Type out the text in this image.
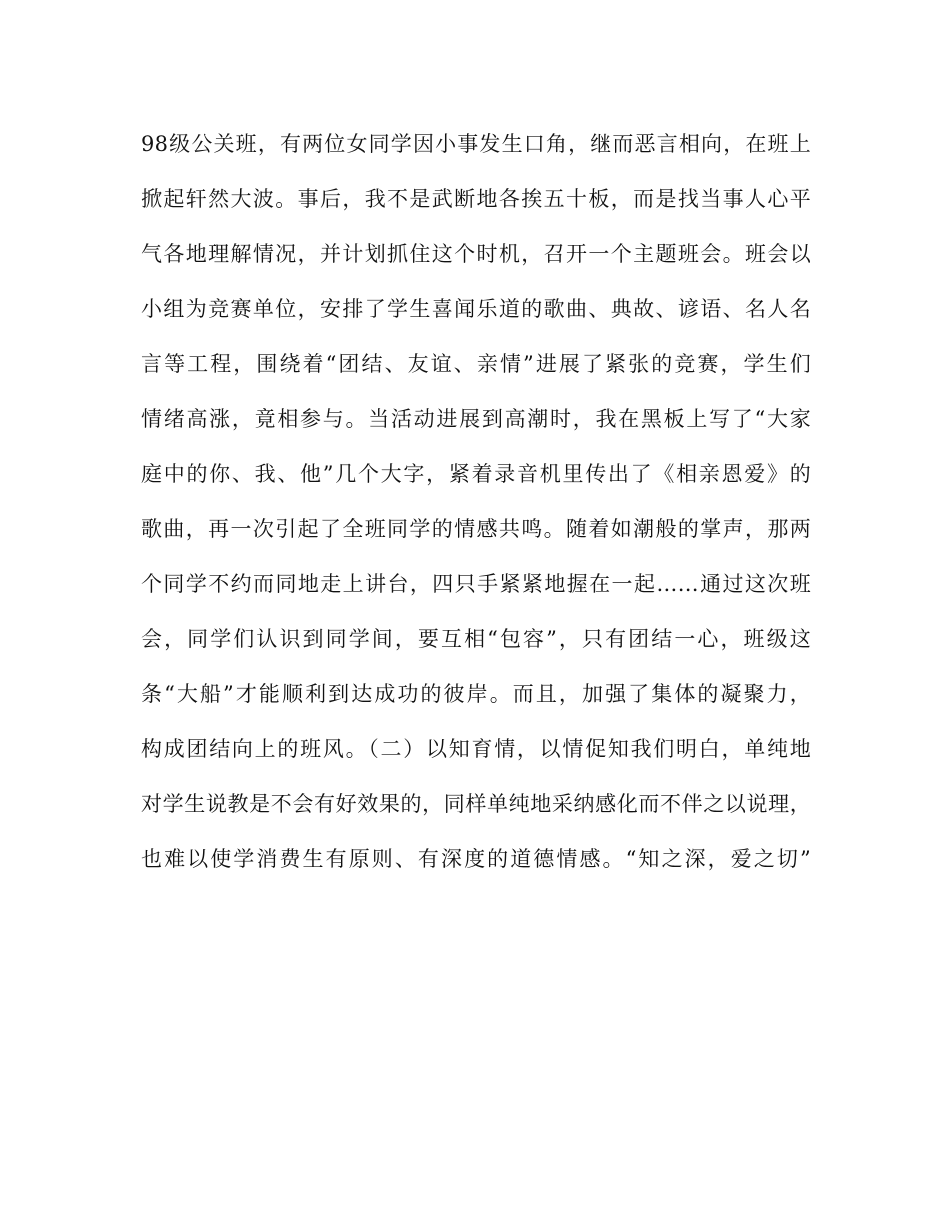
98级公关班，有两位女同学因小事发生口角，继而恶言相向，在班上
掀起轩然大波。事后，我不是武断地各挨五十板，而是找当事人心平
气各地理解情况，并计划抓住这个时机，召开一个主题班会。班会以
小组为竞赛单位，安排了学生喜闻乐道的歌曲、典故、谚语、名人名
言等工程，围绕着“团结、友谊、亲情”进展了紧张的竞赛，学生们
情绪高涨，竟相参与。当活动进展到高潮时，我在黑板上写了“大家
庭中的你、我、他”几个大字，紧着录音机里传出了《相亲恩爱》的
歌曲，再一次引起了全班同学的情感共鸣。随着如潮般的掌声，那两
个同学不约而同地走上讲台，四只手紧紧地握在一起……通过这次班
会，同学们认识到同学间，要互相“包容”，只有团结一心，班级这
条“大船”才能顺利到达成功的彼岸。而且，加强了集体的凝聚力，
构成团结向上的班风。（二）以知育情，以情促知我们明白，单纯地
对学生说教是不会有好效果的，同样单纯地采纳感化而不伴之以说理，
也难以使学消费生有原则、有深度的道德情感。“知之深，爱之切”
